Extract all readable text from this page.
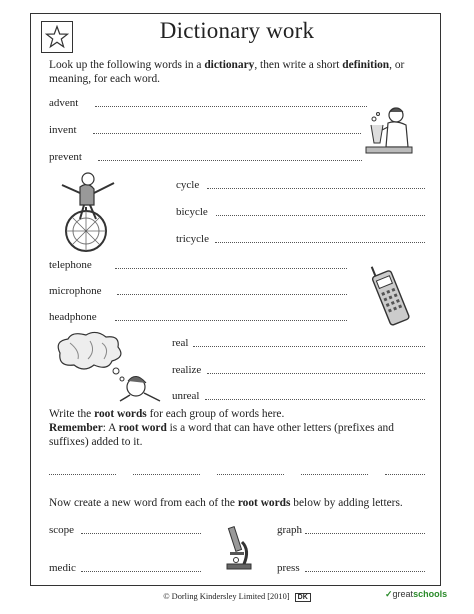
Dictionary work
Look up the following words in a dictionary, then write a short definition, or meaning, for each word.
advent
invent
prevent
cycle
bicycle
tricycle
telephone
microphone
headphone
real
realize
unreal
Write the root words for each group of words here.
Remember: A root word is a word that can have other letters (prefixes and suffixes) added to it.
Now create a new word from each of the root words below by adding letters.
scope	graph
medic	press
© Dorling Kindersley Limited [2010] DK	✓greatschools
